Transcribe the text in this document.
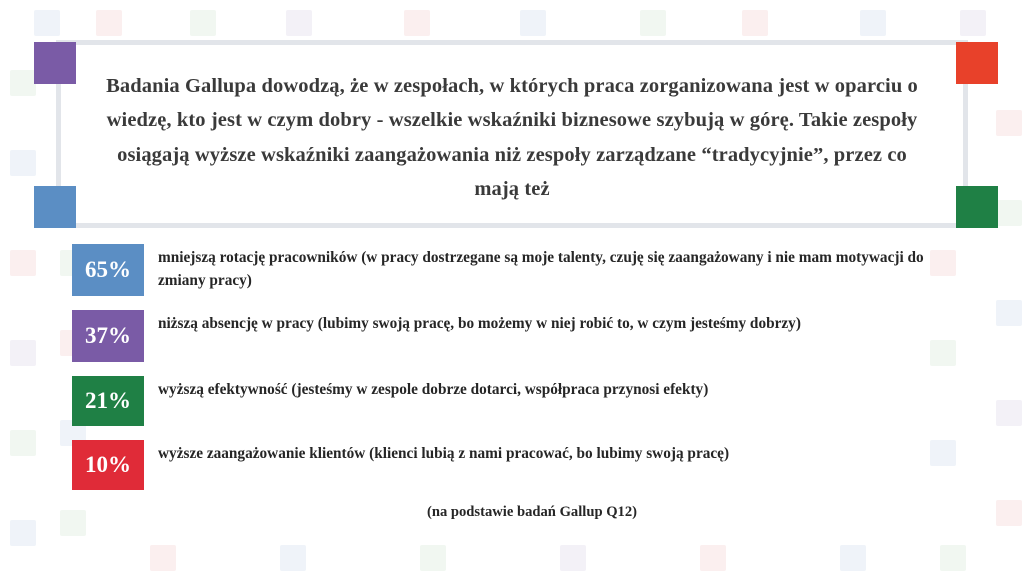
Badania Gallupa dowodzą, że w zespołach, w których praca zorganizowana jest w oparciu o wiedzę, kto jest w czym dobry - wszelkie wskaźniki biznesowe szybują w górę. Takie zespoły osiągają wyższe wskaźniki zaangażowania niż zespoły zarządzane “tradycyjnie”, przez co mają też
65%	mniejszą rotację pracowników (w pracy dostrzegane są moje talenty, czuję się zaangażowany i nie mam motywacji do zmiany pracy)
37%	niższą absencję w pracy (lubimy swoją pracę, bo możemy w niej robić to, w czym jesteśmy dobrzy)
21%	wyższą efektywność (jesteśmy w zespole dobrze dotarci, współpraca przynosi efekty)
10%	wyższe zaangażowanie klientów (klienci lubią z nami pracować, bo lubimy swoją pracę)
(na podstawie badań Gallup Q12)
